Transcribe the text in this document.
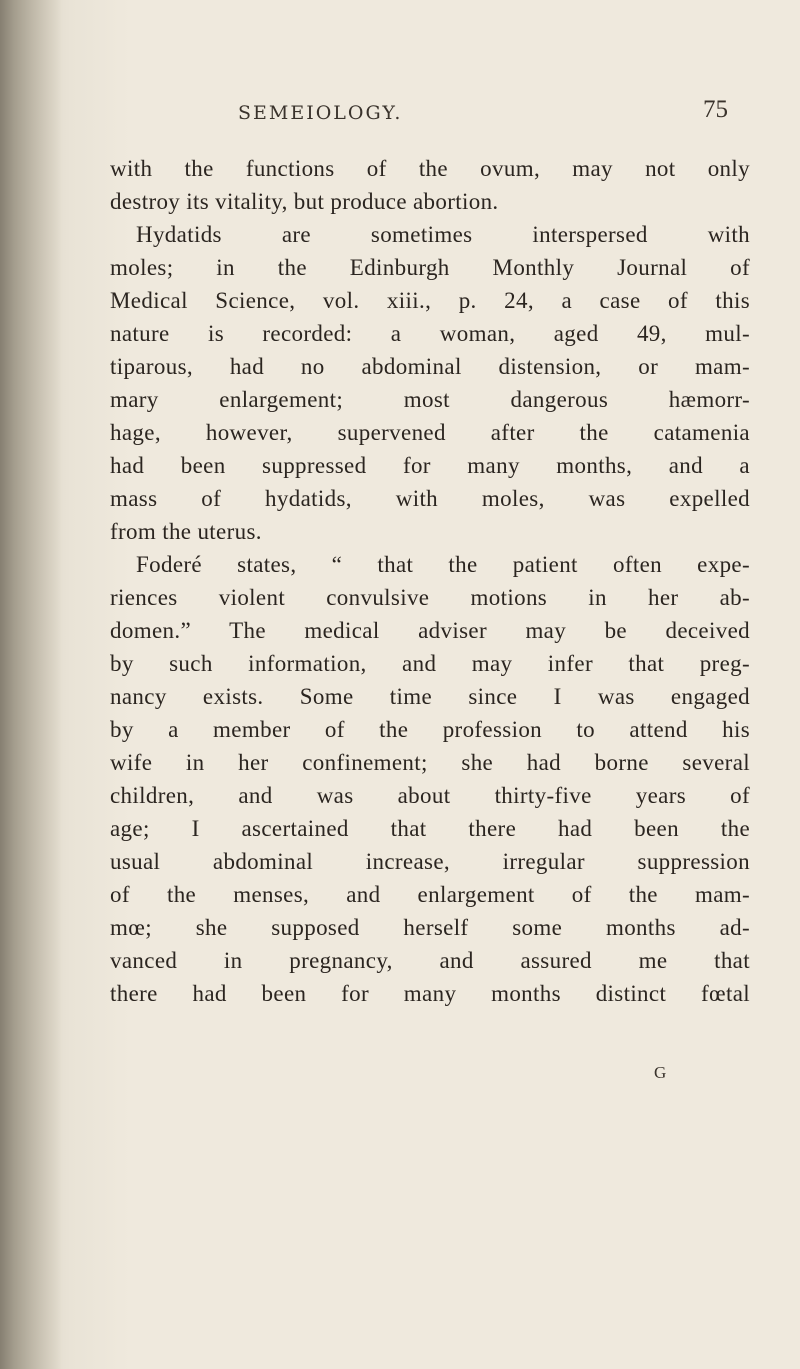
SEMEIOLOGY.	75
with the functions of the ovum, may not only
destroy its vitality, but produce abortion.
Hydatids are sometimes interspersed with
moles; in the Edinburgh Monthly Journal of
Medical Science, vol. xiii., p. 24, a case of this
nature is recorded: a woman, aged 49, mul-
tiparous, had no abdominal distension, or mam-
mary enlargement; most dangerous hæmorr-
hage, however, supervened after the catamenia
had been suppressed for many months, and a
mass of hydatids, with moles, was expelled
from the uterus.
Foderé states, “ that the patient often expe-
riences violent convulsive motions in her ab-
domen.” The medical adviser may be deceived
by such information, and may infer that preg-
nancy exists. Some time since I was engaged
by a member of the profession to attend his
wife in her confinement; she had borne several
children, and was about thirty-five years of
age; I ascertained that there had been the
usual abdominal increase, irregular suppression
of the menses, and enlargement of the mam-
mœ; she supposed herself some months ad-
vanced in pregnancy, and assured me that
there had been for many months distinct fœtal
G
